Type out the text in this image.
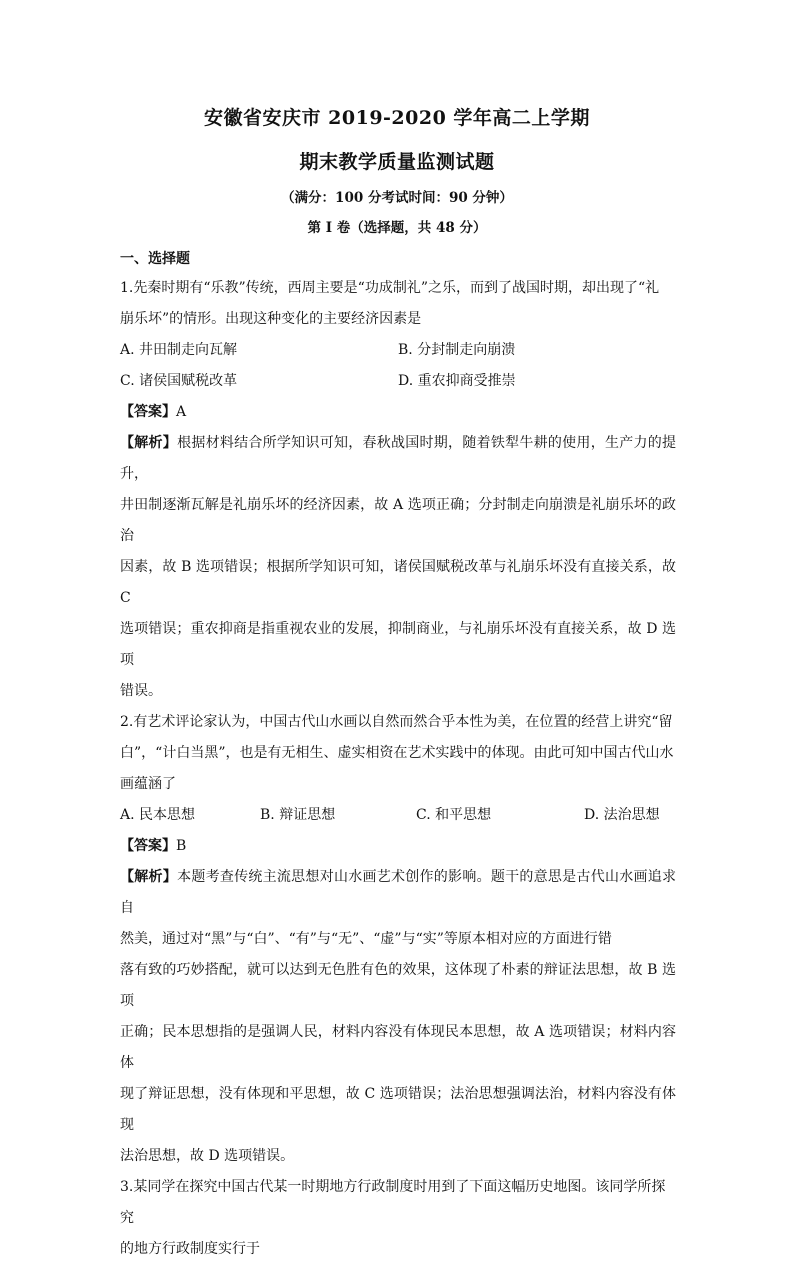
安徽省安庆市 2019-2020 学年高二上学期
期末教学质量监测试题
（满分：100 分考试时间：90 分钟）
第 Ⅰ 卷（选择题，共 48 分）
一、选择题

1.先秦时期有“乐教”传统，西周主要是“功成制礼”之乐，而到了战国时期，却出现了“礼

崩乐坏”的情形。出现这种变化的主要经济因素是

A. 井田制走向瓦解	B. 分封制走向崩溃
C. 诸侯国赋税改革	D. 重农抑商受推崇

【答案】A

【解析】根据材料结合所学知识可知，春秋战国时期，随着铁犁牛耕的使用，生产力的提升，

井田制逐渐瓦解是礼崩乐坏的经济因素，故 A 选项正确；分封制走向崩溃是礼崩乐坏的政治

因素，故 B 选项错误；根据所学知识可知，诸侯国赋税改革与礼崩乐坏没有直接关系，故 C

选项错误；重农抑商是指重视农业的发展，抑制商业，与礼崩乐坏没有直接关系，故 D 选项

错误。

2.有艺术评论家认为，中国古代山水画以自然而然合乎本性为美，在位置的经营上讲究“留

白”，“计白当黑”，也是有无相生、虚实相资在艺术实践中的体现。由此可知中国古代山水

画蕴涵了

A. 民本思想	B. 辩证思想	C. 和平思想	D. 法治思想

【答案】B

【解析】本题考查传统主流思想对山水画艺术创作的影响。题干的意思是古代山水画追求自

然美，通过对“黑”与“白”、“有”与“无”、“虚”与“实”等原本相对应的方面进行错

落有致的巧妙搭配，就可以达到无色胜有色的效果，这体现了朴素的辩证法思想，故 B 选项

正确；民本思想指的是强调人民，材料内容没有体现民本思想，故 A 选项错误；材料内容体

现了辩证思想，没有体现和平思想，故 C 选项错误；法治思想强调法治，材料内容没有体现

法治思想，故 D 选项错误。

3.某同学在探究中国古代某一时期地方行政制度时用到了下面这幅历史地图。该同学所探究

的地方行政制度实行于
